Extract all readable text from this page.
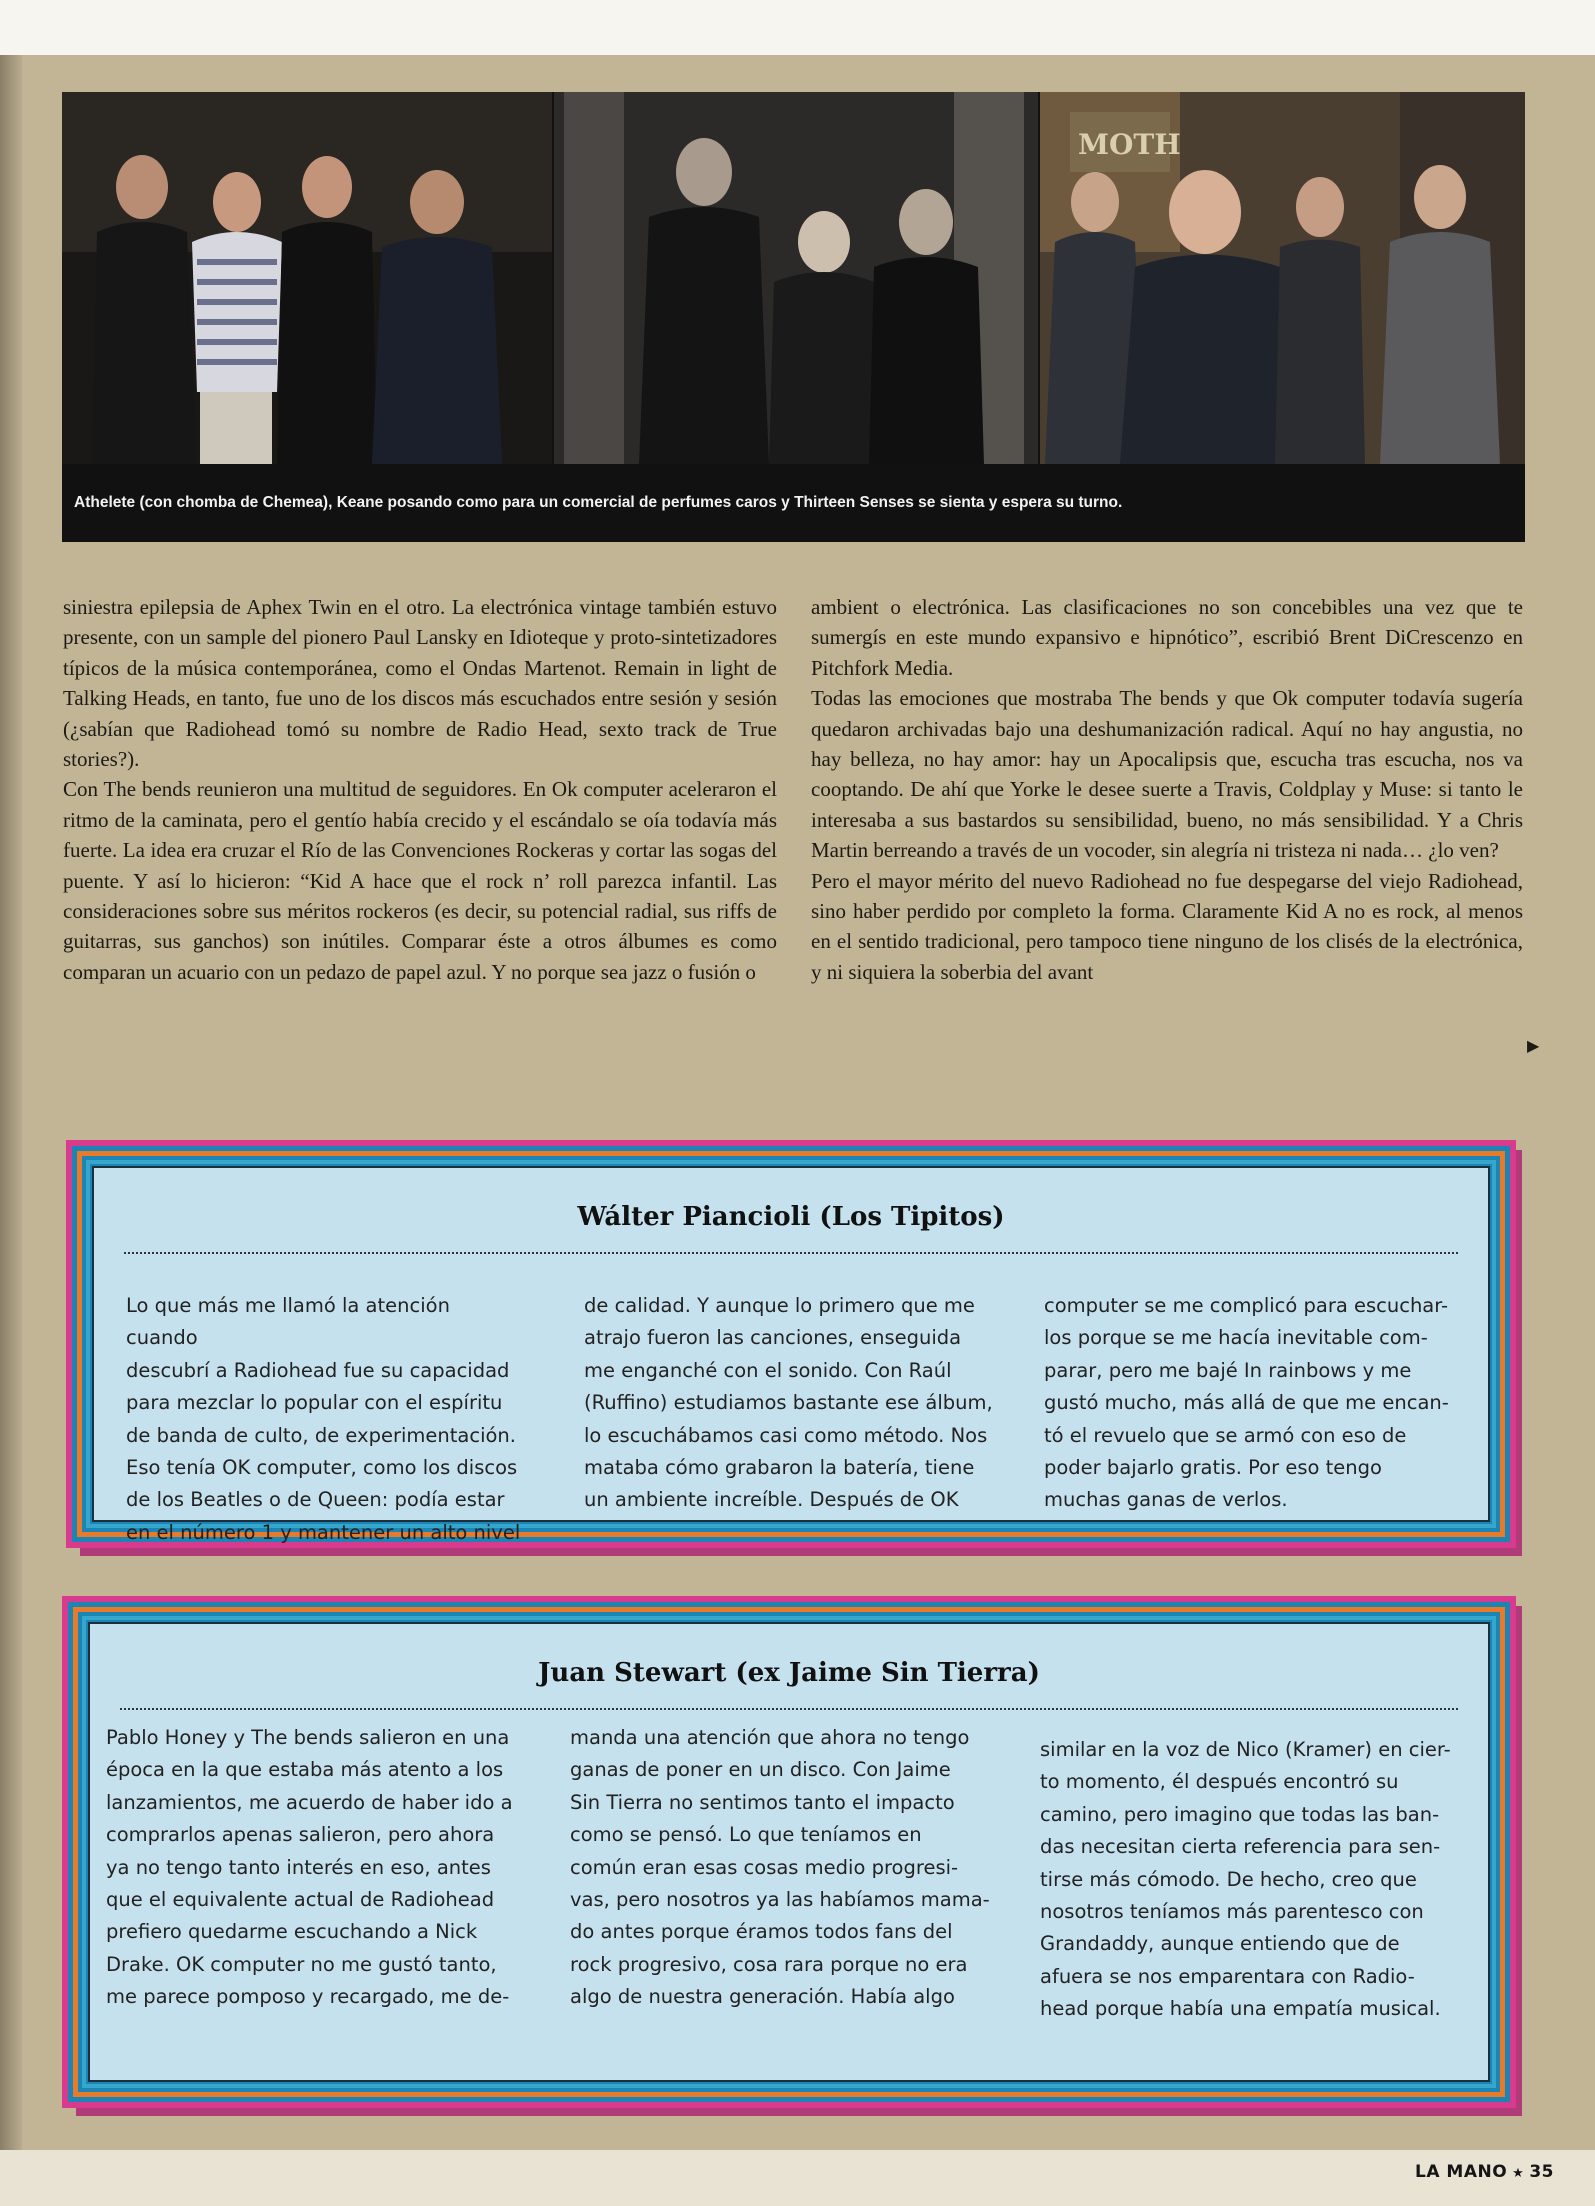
MOTH
Athelete (con chomba de Chemea), Keane posando como para un comercial de perfumes caros y Thirteen Senses se sienta y espera su turno.

siniestra epilepsia de Aphex Twin en el otro. La electrónica vintage también estuvo presente, con un sample del pionero Paul Lansky en Idioteque y proto-sintetizadores típicos de la música contemporánea, como el Ondas Martenot. Remain in light de Talking Heads, en tanto, fue uno de los discos más escuchados entre sesión y sesión (¿sabían que Radiohead tomó su nombre de Radio Head, sexto track de True stories?).

Con The bends reunieron una multitud de seguidores. En Ok computer aceleraron el ritmo de la caminata, pero el gentío había crecido y el escándalo se oía todavía más fuerte. La idea era cruzar el Río de las Convenciones Rockeras y cortar las sogas del puente. Y así lo hicieron: “Kid A hace que el rock n’ roll parezca infantil. Las consideraciones sobre sus méritos rockeros (es decir, su potencial radial, sus riffs de guitarras, sus ganchos) son inútiles. Comparar éste a otros álbumes es como comparan un acuario con un pedazo de papel azul. Y no porque sea jazz o fusión o

ambient o electrónica. Las clasificaciones no son concebibles una vez que te sumergís en este mundo expansivo e hipnótico”, escribió Brent DiCrescenzo en Pitchfork Media.

Todas las emociones que mostraba The bends y que Ok computer todavía sugería quedaron archivadas bajo una deshumanización radical. Aquí no hay angustia, no hay belleza, no hay amor: hay un Apocalipsis que, escucha tras escucha, nos va cooptando. De ahí que Yorke le desee suerte a Travis, Coldplay y Muse: si tanto le interesaba a sus bastardos su sensibilidad, bueno, no más sensibilidad. Y a Chris Martin berreando a través de un vocoder, sin alegría ni tristeza ni nada… ¿lo ven?

Pero el mayor mérito del nuevo Radiohead no fue despegarse del viejo Radiohead, sino haber perdido por completo la forma. Claramente Kid A no es rock, al menos en el sentido tradicional, pero tampoco tiene ninguno de los clisés de la electrónica, y ni siquiera la soberbia del avant

▶
Wálter Piancioli (Los Tipitos)
Lo que más me llamó la atención cuando
descubrí a Radiohead fue su capacidad
para mezclar lo popular con el espíritu
de banda de culto, de experimentación.
Eso tenía OK computer, como los discos
de los Beatles o de Queen: podía estar
en el número 1 y mantener un alto nivel
de calidad. Y aunque lo primero que me
atrajo fueron las canciones, enseguida
me enganché con el sonido. Con Raúl
(Ruffino) estudiamos bastante ese álbum,
lo escuchábamos casi como método. Nos
mataba cómo grabaron la batería, tiene
un ambiente increíble. Después de OK
computer se me complicó para escuchar-
los porque se me hacía inevitable com-
parar, pero me bajé In rainbows y me
gustó mucho, más allá de que me encan-
tó el revuelo que se armó con eso de
poder bajarlo gratis. Por eso tengo
muchas ganas de verlos.
Juan Stewart (ex Jaime Sin Tierra)
Pablo Honey y The bends salieron en una
época en la que estaba más atento a los
lanzamientos, me acuerdo de haber ido a
comprarlos apenas salieron, pero ahora
ya no tengo tanto interés en eso, antes
que el equivalente actual de Radiohead
prefiero quedarme escuchando a Nick
Drake. OK computer no me gustó tanto,
me parece pomposo y recargado, me de-
manda una atención que ahora no tengo
ganas de poner en un disco. Con Jaime
Sin Tierra no sentimos tanto el impacto
como se pensó. Lo que teníamos en
común eran esas cosas medio progresi-
vas, pero nosotros ya las habíamos mama-
do antes porque éramos todos fans del
rock progresivo, cosa rara porque no era
algo de nuestra generación. Había algo
similar en la voz de Nico (Kramer) en cier-
to momento, él después encontró su
camino, pero imagino que todas las ban-
das necesitan cierta referencia para sen-
tirse más cómodo. De hecho, creo que
nosotros teníamos más parentesco con
Grandaddy, aunque entiendo que de
afuera se nos emparentara con Radio-
head porque había una empatía musical.
LA MANO ★ 35
